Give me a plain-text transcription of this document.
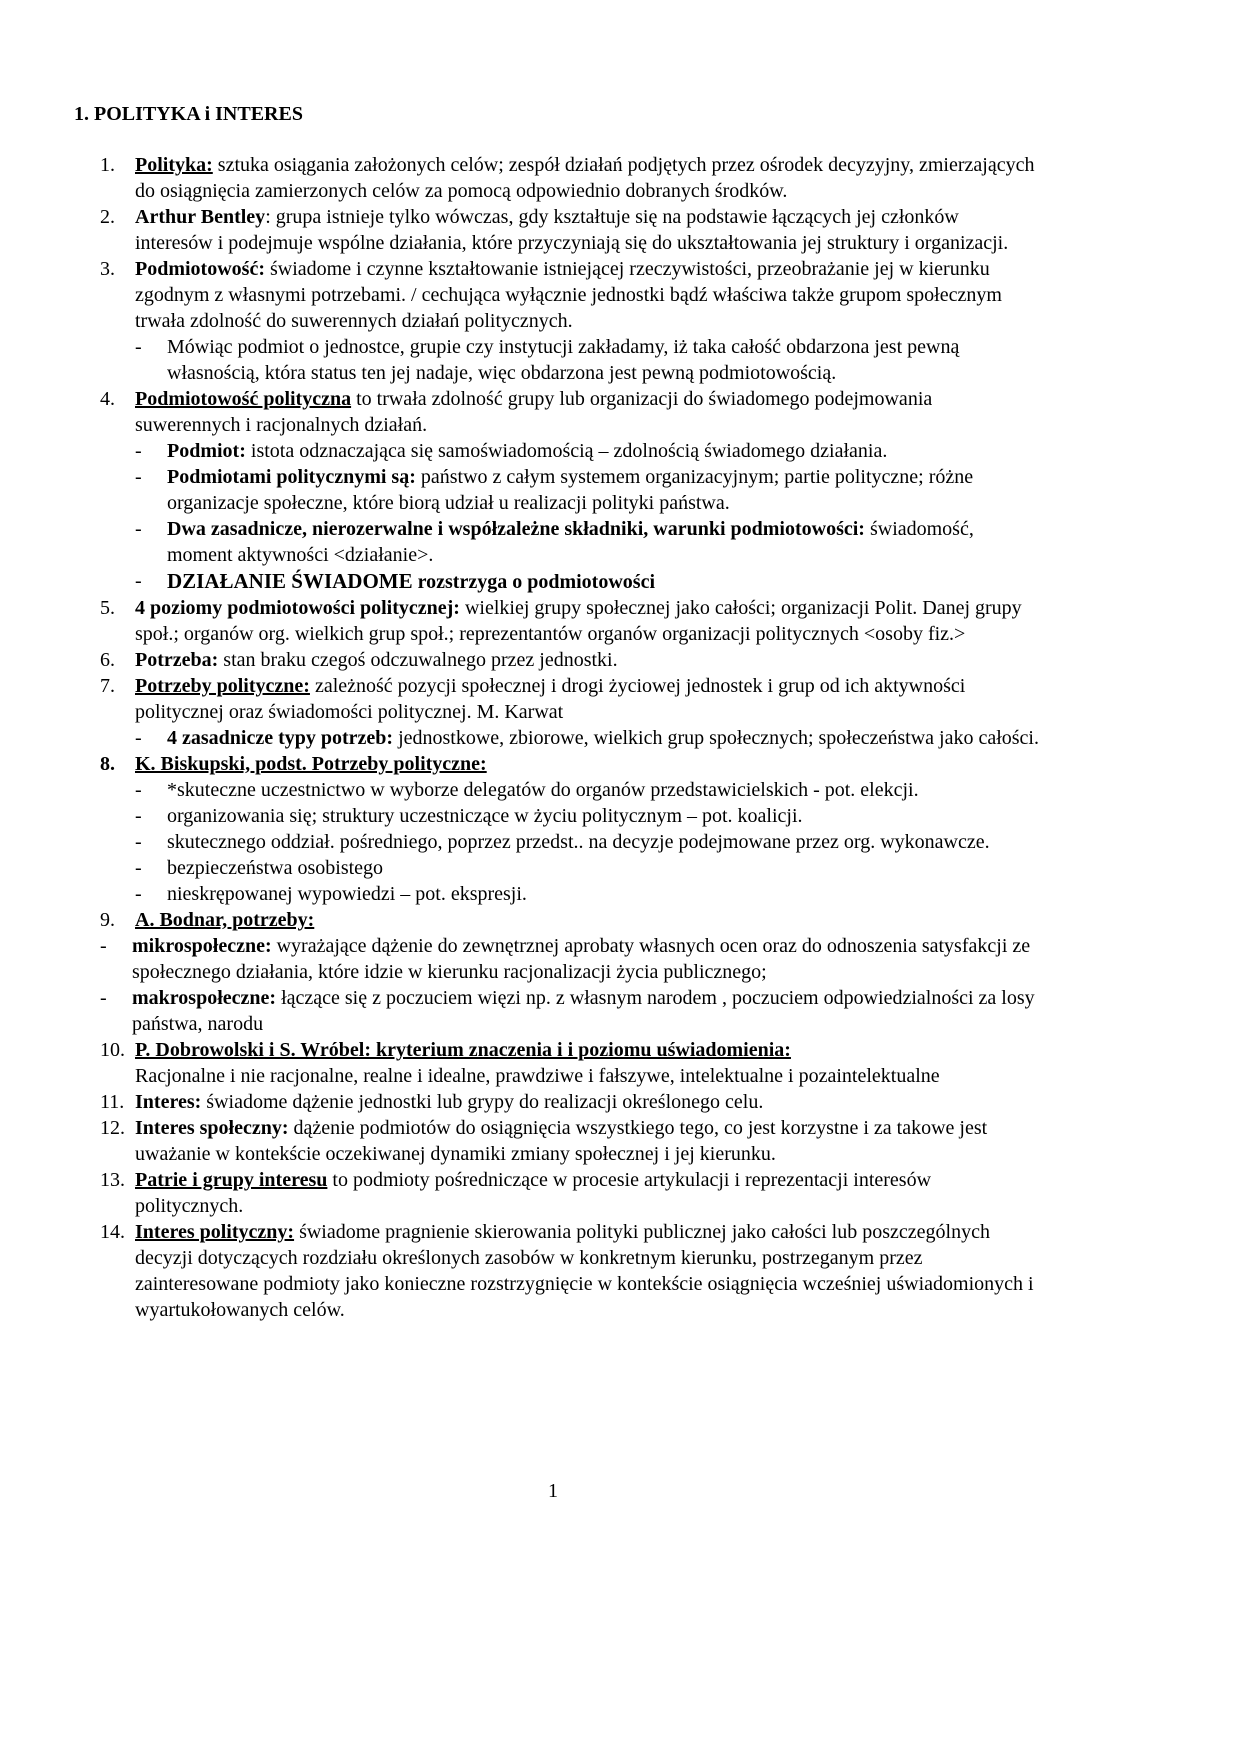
1. POLITYKA i INTERES
1. Polityka: sztuka osiągania założonych celów; zespół działań podjętych przez ośrodek decyzyjny, zmierzających do osiągnięcia zamierzonych celów za pomocą odpowiednio dobranych środków.
2. Arthur Bentley: grupa istnieje tylko wówczas, gdy kształtuje się na podstawie łączących jej członków interesów i podejmuje wspólne działania, które przyczyniają się do ukształtowania jej struktury i organizacji.
3. Podmiotowość: świadome i czynne kształtowanie istniejącej rzeczywistości, przeobrażanie jej w kierunku zgodnym z własnymi potrzebami. / cechująca wyłącznie jednostki bądź właściwa także grupom społecznym trwała zdolność do suwerennych działań politycznych.
- Mówiąc podmiot o jednostce, grupie czy instytucji zakładamy, iż taka całość obdarzona jest pewną własnością, która status ten jej nadaje, więc obdarzona jest pewną podmiotowością.
4. Podmiotowość polityczna to trwała zdolność grupy lub organizacji do świadomego podejmowania suwerennych i racjonalnych działań.
- Podmiot: istota odznaczająca się samoświadomością – zdolnością świadomego działania.
- Podmiotami politycznymi są: państwo z całym systemem organizacyjnym; partie polityczne; różne organizacje społeczne, które biorą udział u realizacji polityki państwa.
- Dwa zasadnicze, nierozerwalne i współzależne składniki, warunki podmiotowości: świadomość, moment aktywności <działanie>.
- DZIAŁANIE ŚWIADOME rozstrzyga o podmiotowości
5. 4 poziomy podmiotowości politycznej: wielkiej grupy społecznej jako całości; organizacji Polit. Danej grupy społ.; organów org. wielkich grup społ.; reprezentantów organów organizacji politycznych <osoby fiz.>
6. Potrzeba: stan braku czegoś odczuwalnego przez jednostki.
7. Potrzeby polityczne: zależność pozycji społecznej i drogi życiowej jednostek i grup od ich aktywności politycznej oraz świadomości politycznej. M. Karwat
- 4 zasadnicze typy potrzeb: jednostkowe, zbiorowe, wielkich grup społecznych; społeczeństwa jako całości.
8. K. Biskupski, podst. Potrzeby polityczne:
- *skuteczne uczestnictwo w wyborze delegatów do organów przedstawicielskich - pot. elekcji.
- organizowania się; struktury uczestniczące w życiu politycznym – pot. koalicji.
- skutecznego oddział. pośredniego, poprzez przedst.. na decyzje podejmowane przez org. wykonawcze.
- bezpieczeństwa osobistego
- nieskrępowanej wypowiedzi – pot. ekspresji.
9. A. Bodnar, potrzeby:
- mikrospołeczne: wyrażające dążenie do zewnętrznej aprobaty własnych ocen oraz do odnoszenia satysfakcji ze społecznego działania, które idzie w kierunku racjonalizacji życia publicznego;
- makrospołeczne: łączące się z poczuciem więzi np. z własnym narodem , poczuciem odpowiedzialności za losy państwa, narodu
10. P. Dobrowolski i S. Wróbel: kryterium znaczenia i i poziomu uświadomienia:
Racjonalne i nie racjonalne, realne i idealne, prawdziwe i fałszywe, intelektualne i pozaintelektualne
11. Interes: świadome dążenie jednostki lub grypy do realizacji określonego celu.
12. Interes społeczny: dążenie podmiotów do osiągnięcia wszystkiego tego, co jest korzystne i za takowe jest uważanie w kontekście oczekiwanej dynamiki zmiany społecznej i jej kierunku.
13. Patrie i grupy interesu to podmioty pośredniczące w procesie artykulacji i reprezentacji interesów politycznych.
14. Interes polityczny: świadome pragnienie skierowania polityki publicznej jako całości lub poszczególnych decyzji dotyczących rozdziału określonych zasobów w konkretnym kierunku, postrzeganym przez zainteresowane podmioty jako konieczne rozstrzygnięcie w kontekście osiągnięcia wcześniej uświadomionych i wyartukołowanych celów.
1
